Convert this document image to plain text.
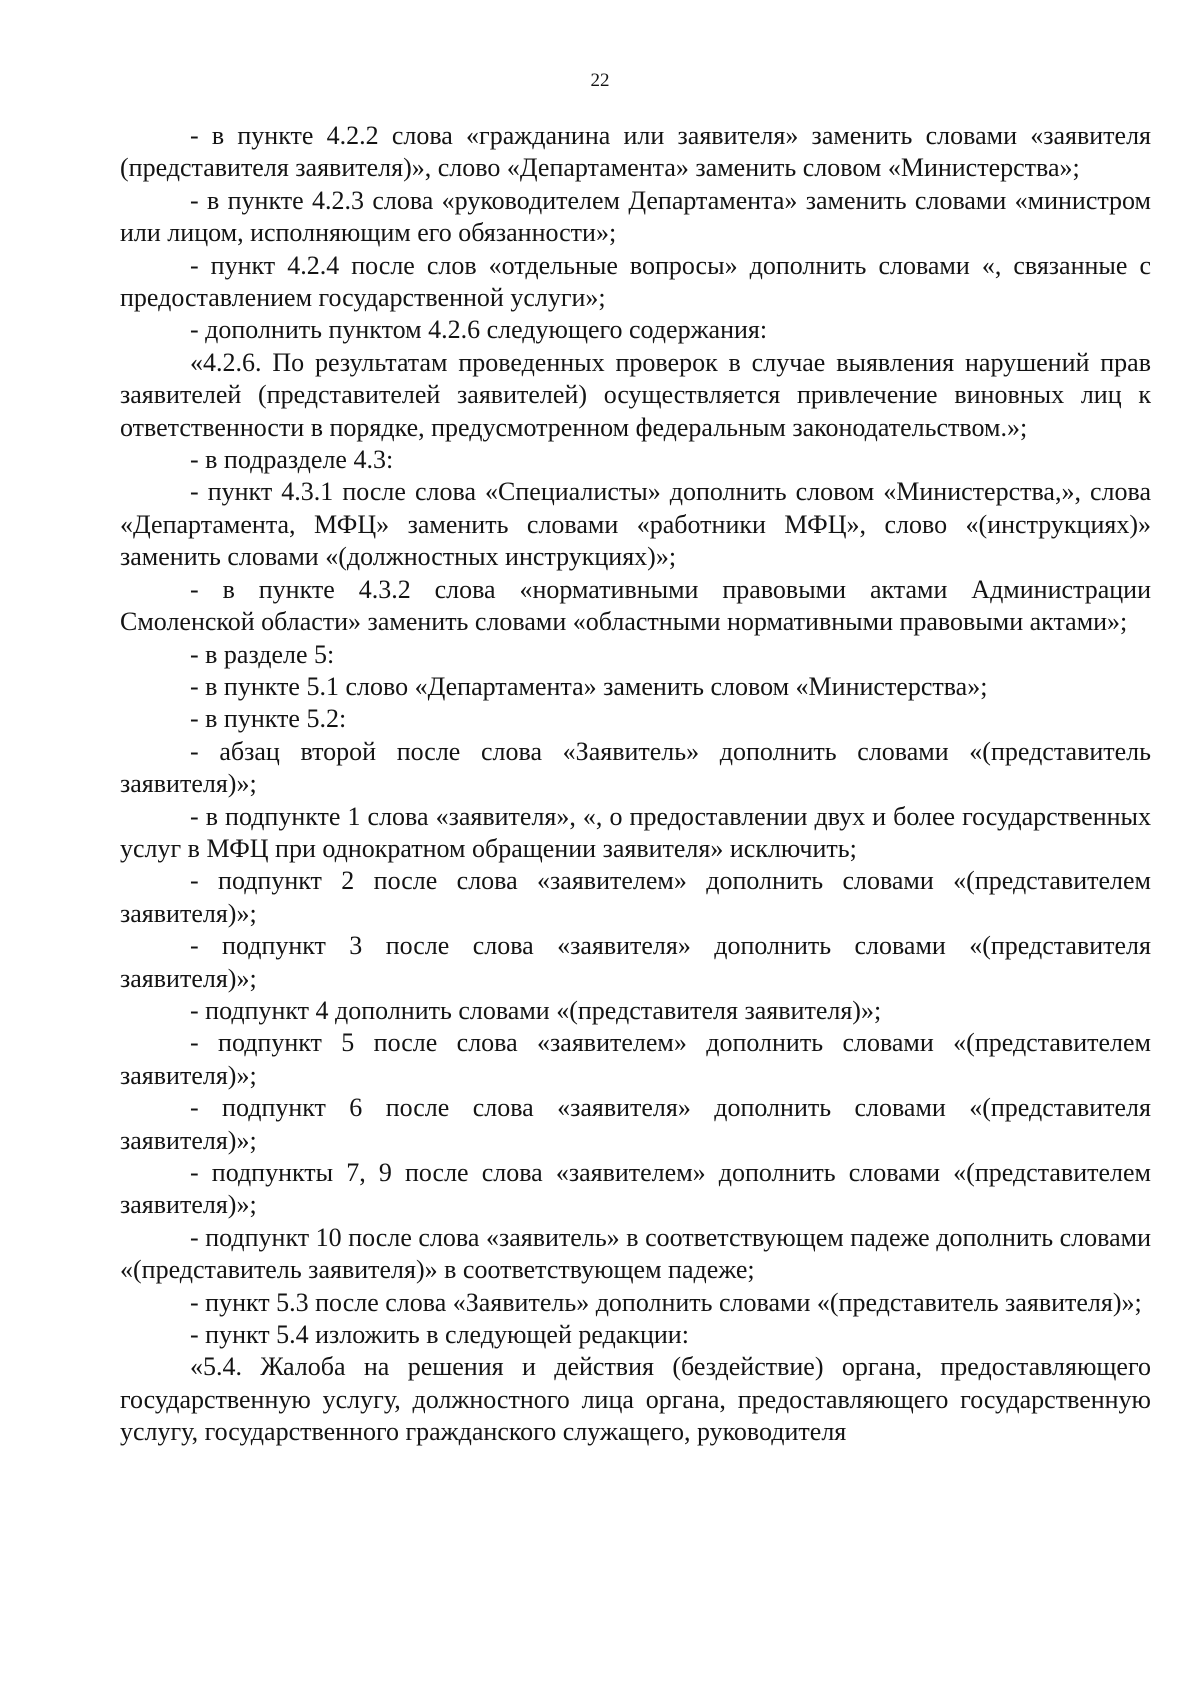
22

- в пункте 4.2.2 слова «гражданина или заявителя» заменить словами «заявителя (представителя заявителя)», слово «Департамента» заменить словом «Министерства»;

- в пункте 4.2.3 слова «руководителем Департамента» заменить словами «министром или лицом, исполняющим его обязанности»;

- пункт 4.2.4 после слов «отдельные вопросы» дополнить словами «, связанные с предоставлением государственной услуги»;

- дополнить пунктом 4.2.6 следующего содержания:

«4.2.6. По результатам проведенных проверок в случае выявления нарушений прав заявителей (представителей заявителей) осуществляется привлечение виновных лиц к ответственности в порядке, предусмотренном федеральным законодательством.»;

- в подразделе 4.3:

- пункт 4.3.1 после слова «Специалисты» дополнить словом «Министерства,», слова «Департамента, МФЦ» заменить словами «работники МФЦ», слово «(инструкциях)» заменить словами «(должностных инструкциях)»;

- в пункте 4.3.2 слова «нормативными правовыми актами Администрации Смоленской области» заменить словами «областными нормативными правовыми актами»;

- в разделе 5:

- в пункте 5.1 слово «Департамента» заменить словом «Министерства»;

- в пункте 5.2:

- абзац второй после слова «Заявитель» дополнить словами «(представитель заявителя)»;

- в подпункте 1 слова «заявителя», «, о предоставлении двух и более государственных услуг в МФЦ при однократном обращении заявителя» исключить;

- подпункт 2 после слова «заявителем» дополнить словами «(представителем заявителя)»;

- подпункт 3 после слова «заявителя» дополнить словами «(представителя заявителя)»;

- подпункт 4 дополнить словами «(представителя заявителя)»;

- подпункт 5 после слова «заявителем» дополнить словами «(представителем заявителя)»;

- подпункт 6 после слова «заявителя» дополнить словами «(представителя заявителя)»;

- подпункты 7, 9 после слова «заявителем» дополнить словами «(представителем заявителя)»;

- подпункт 10 после слова «заявитель» в соответствующем падеже дополнить словами «(представитель заявителя)» в соответствующем падеже;

- пункт 5.3 после слова «Заявитель» дополнить словами «(представитель заявителя)»;

- пункт 5.4 изложить в следующей редакции:

«5.4. Жалоба на решения и действия (бездействие) органа, предоставляющего государственную услугу, должностного лица органа, предоставляющего государственную услугу, государственного гражданского служащего, руководителя
